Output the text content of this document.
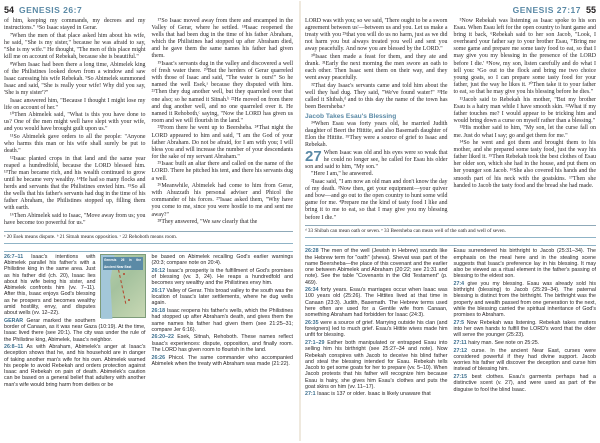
54 GENESIS 26:7	GENESIS 27:17 55

of him, keeping my commands, my decrees and my instructions." ⁶So Isaac stayed in Gerar.

⁷When the men of that place asked him about his wife, he said, "She is my sister," because he was afraid to say, "She is my wife." He thought, "The men of this place might kill me on account of Rebekah, because she is beautiful."

⁸When Isaac had been there a long time, Abimelek king of the Philistines looked down from a window and saw Isaac caressing his wife Rebekah. ⁹So Abimelek summoned Isaac and said, "She is really your wife! Why did you say, 'She is my sister'?"

Isaac answered him, "Because I thought I might lose my life on account of her."

¹⁰Then Abimelek said, "What is this you have done to us? One of the men might well have slept with your wife, and you would have brought guilt upon us."

¹¹So Abimelek gave orders to all the people: "Anyone who harms this man or his wife shall surely be put to death."

¹²Isaac planted crops in that land and the same year reaped a hundredfold, because the LORD blessed him. ¹³The man became rich, and his wealth continued to grow until he became very wealthy. ¹⁴He had so many flocks and herds and servants that the Philistines envied him. ¹⁵So all the wells that his father's servants had dug in the time of his father Abraham, the Philistines stopped up, filling them with earth.

¹⁶Then Abimelek said to Isaac, "Move away from us; you have become too powerful for us."

¹⁷So Isaac moved away from there and encamped in the Valley of Gerar, where he settled. ¹⁸Isaac reopened the wells that had been dug in the time of his father Abraham, which the Philistines had stopped up after Abraham died, and he gave them the same names his father had given them.

¹⁹Isaac's servants dug in the valley and discovered a well of fresh water there. ²⁰But the herders of Gerar quarreled with those of Isaac and said, "The water is ours!" So he named the well Esek,ᵃ because they disputed with him. ²¹Then they dug another well, but they quarreled over that one also; so he named it Sitnah.ᵇ ²²He moved on from there and dug another well, and no one quarreled over it. He named it Rehoboth,ᶜ saying, "Now the LORD has given us room and we will flourish in the land."

²³From there he went up to Beersheba. ²⁴That night the LORD appeared to him and said, "I am the God of your father Abraham. Do not be afraid, for I am with you; I will bless you and will increase the number of your descendants for the sake of my servant Abraham."

²⁵Isaac built an altar there and called on the name of the LORD. There he pitched his tent, and there his servants dug a well.

²⁶Meanwhile, Abimelek had come to him from Gerar, with Ahuzzath his personal adviser and Phicol the commander of his forces. ²⁷Isaac asked them, "Why have you come to me, since you were hostile to me and sent me away?"

²⁸They answered, "We saw clearly that the

ᵃ 20 Esek means dispute. ᵇ 21 Sitnah means opposition. ᶜ 22 Rehoboth means room.
Genesis 26 in the Ancient Near East

26:7–11 Isaac's intentions with Abimelek parallel his father's with a Philistine king in the same area. Just as his father did (ch. 20), Isaac lies about his wife being his sister, and Abimelek confronts him (vv. 7–11). After this, Isaac enjoys God's blessing as he prospers and becomes wealthy amid hostility, envy, and disputes about wells (vv. 12–22).

GERAR Gerar marked the southern border of Canaan, as it was near Gaza (10:19). At the time, Isaac lived there (see 20:1). The city was under the rule of the Philistine king, Abimelek, Isaac's neighbor.

26:8–11 As with Abraham, Abimelek's anger at Isaac's deception shows that he, and his household are in danger of taking another man's wife for his own. Abimelek warned his people to avoid Rebekah and orders protection against Isaac and Rebekah on pain of death. Abimelek's caution can be based on a general belief that adultery with another man's wife would bring harm from deities or be

be based on Abimelek recalling God's earlier warnings (20:3; compare note on 20:4).

26:12 Isaac's prosperity is the fulfillment of God's promises of blessing (vv. 3, 24). He reaps a hundredfold and becomes very wealthy and the Philistines envy him.

26:17 Valley of Gerar. This broad valley to the south was the location of Isaac's later settlements, where he dug wells again.

26:18 Isaac reopens his father's wells, which the Philistines had stopped up after Abraham's death, and gives them the same names his father had given them (see 21:25–31; compare Jer 6:16).

26:20–22 Esek, Sitnah, Rehoboth. These names reflect Isaac's experiences: dispute, opposition, and finally room. The LORD has given room to flourish in the land.

26:26 Phicol. The same commander who accompanied Abimelek when the treaty with Abraham was made (21:22).

LORD was with you; so we said, 'There ought to be a sworn agreement between us'—between us and you. Let us make a treaty with you ²⁹that you will do us no harm, just as we did not harm you but always treated you well and sent you away peacefully. And now you are blessed by the LORD."

³⁰Isaac then made a feast for them, and they ate and drank. ³¹Early the next morning the men swore an oath to each other. Then Isaac sent them on their way, and they went away peacefully.

³²That day Isaac's servants came and told him about the well they had dug. They said, "We've found water!" ³³He called it Shibah,ᵈ and to this day the name of the town has been Beersheba.ᵉ

Jacob Takes Esau's Blessing

³⁴When Esau was forty years old, he married Judith daughter of Beeri the Hittite, and also Basemath daughter of Elon the Hittite. ³⁵They were a source of grief to Isaac and Rebekah.

27 When Isaac was old and his eyes were so weak that he could no longer see, he called for Esau his older son and said to him, "My son."

"Here I am," he answered.

²Isaac said, "I am now an old man and don't know the day of my death. ³Now then, get your equipment—your quiver and bow—and go out to the open country to hunt some wild game for me. ⁴Prepare me the kind of tasty food I like and bring it to me to eat, so that I may give you my blessing before I die."

⁵Now Rebekah was listening as Isaac spoke to his son Esau. When Esau left for the open country to hunt game and bring it back, ⁶Rebekah said to her son Jacob, "Look, I overheard your father say to your brother Esau, ⁷'Bring me some game and prepare me some tasty food to eat, so that I may give you my blessing in the presence of the LORD before I die.' ⁸Now, my son, listen carefully and do what I tell you: ⁹Go out to the flock and bring me two choice young goats, so I can prepare some tasty food for your father, just the way he likes it. ¹⁰Then take it to your father to eat, so that he may give you his blessing before he dies."

¹¹Jacob said to Rebekah his mother, "But my brother Esau is a hairy man while I have smooth skin. ¹²What if my father touches me? I would appear to be tricking him and would bring down a curse on myself rather than a blessing."

¹³His mother said to him, "My son, let the curse fall on me. Just do what I say; go and get them for me."

¹⁴So he went and got them and brought them to his mother, and she prepared some tasty food, just the way his father liked it. ¹⁵Then Rebekah took the best clothes of Esau her older son, which she had in the house, and put them on her younger son Jacob. ¹⁶She also covered his hands and the smooth part of his neck with the goatskins. ¹⁷Then she handed to Jacob the tasty food and the bread she had made.

ᵈ 33 Shibah can mean oath or seven. ᵉ 33 Beersheba can mean well of the oath and well of seven.

26:28 The men of the well (Jewish in Hebrew) sounds like the Hebrew term for "oath" (sheva). Shevat was part of the name Beersheba—the place of this covenant and the earlier one between Abimelek and Abraham (20:22; see 21:31 and note). See the table "Covenants in the Old Testament" (p. 469).

26:34 forty years. Esau's marriages occur when Isaac was 100 years old (25:26). The Hittites lived at that time in Canaan (23:3). Judith, Basemath. The Hebrew terms used here often are used for a Gentile wife from Canaan, something Abraham had forbidden for Isaac (24:3).

26:35 were a source of grief. Marrying outside his clan (and foreigners) led to much grief. Esau's Hittite wives made him unfit for blessing.

27:1–29 Esther both manipulated or entrapped Esau into selling him his birthright (see 25:27–34 and note). Now Rebekah conspires with Jacob to deceive his blind father and steal the blessing intended for Esau. Rebekah tells Jacob to get some goats for her to prepare (vv. 5–10). When Jacob protests that his father will recognize him because Esau is hairy, she gives him Esau's clothes and puts the goat skins on him (vv. 11–17).

27:1 Isaac is 137 or older. Isaac is likely unaware that

Esau surrendered his birthright to Jacob (25:31–34). The emphasis on the meal here and in the stealing scene suggests that Isaac's preference lay in his blessing. It may also be viewed as a ritual element in the father's passing of blessing to the eldest son.

27:4 give you my blessing. Esau was already sold his birthright (blessing) to Jacob (25:29–34). The paternal blessing is distinct from the birthright. The birthright was the property and wealth passed from one generation to the next, while the blessing carried the spiritual inheritance of God's promises to Abraham.

27:5 Now Rebekah was listening. Rebekah takes matters into her own hands to fulfill the LORD's word that the older will serve the younger (25:23).

27:11 hairy man. See note on 25:25.

27:12 curse. In the ancient Near East, curses were considered powerful if they had divine support. Jacob worries his father will discover the deception and curse him instead of blessing him.

27:15 best clothes. Esau's garments perhaps had a distinctive scent (v. 27), and were used as part of the disguise to fool the blind Isaac.
